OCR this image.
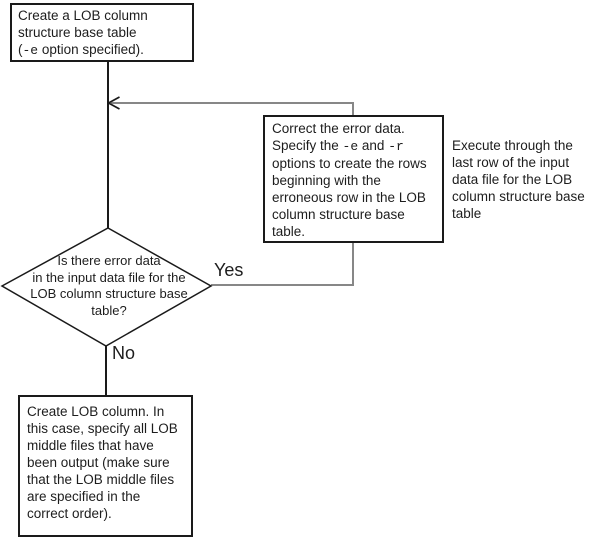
Create a LOB column
structure base table
(-e option specified).
Is there error data
in the input data file for the
LOB column structure base
table?
Yes
No
Correct the error data.
Specify the -e and -r
options to create the rows
beginning with the
erroneous row in the LOB
column structure base
table.
Execute through the
last row of the input
data file for the LOB
column structure base
table
Create LOB column. In
this case, specify all LOB
middle files that have
been output (make sure
that the LOB middle files
are specified in the
correct order).
